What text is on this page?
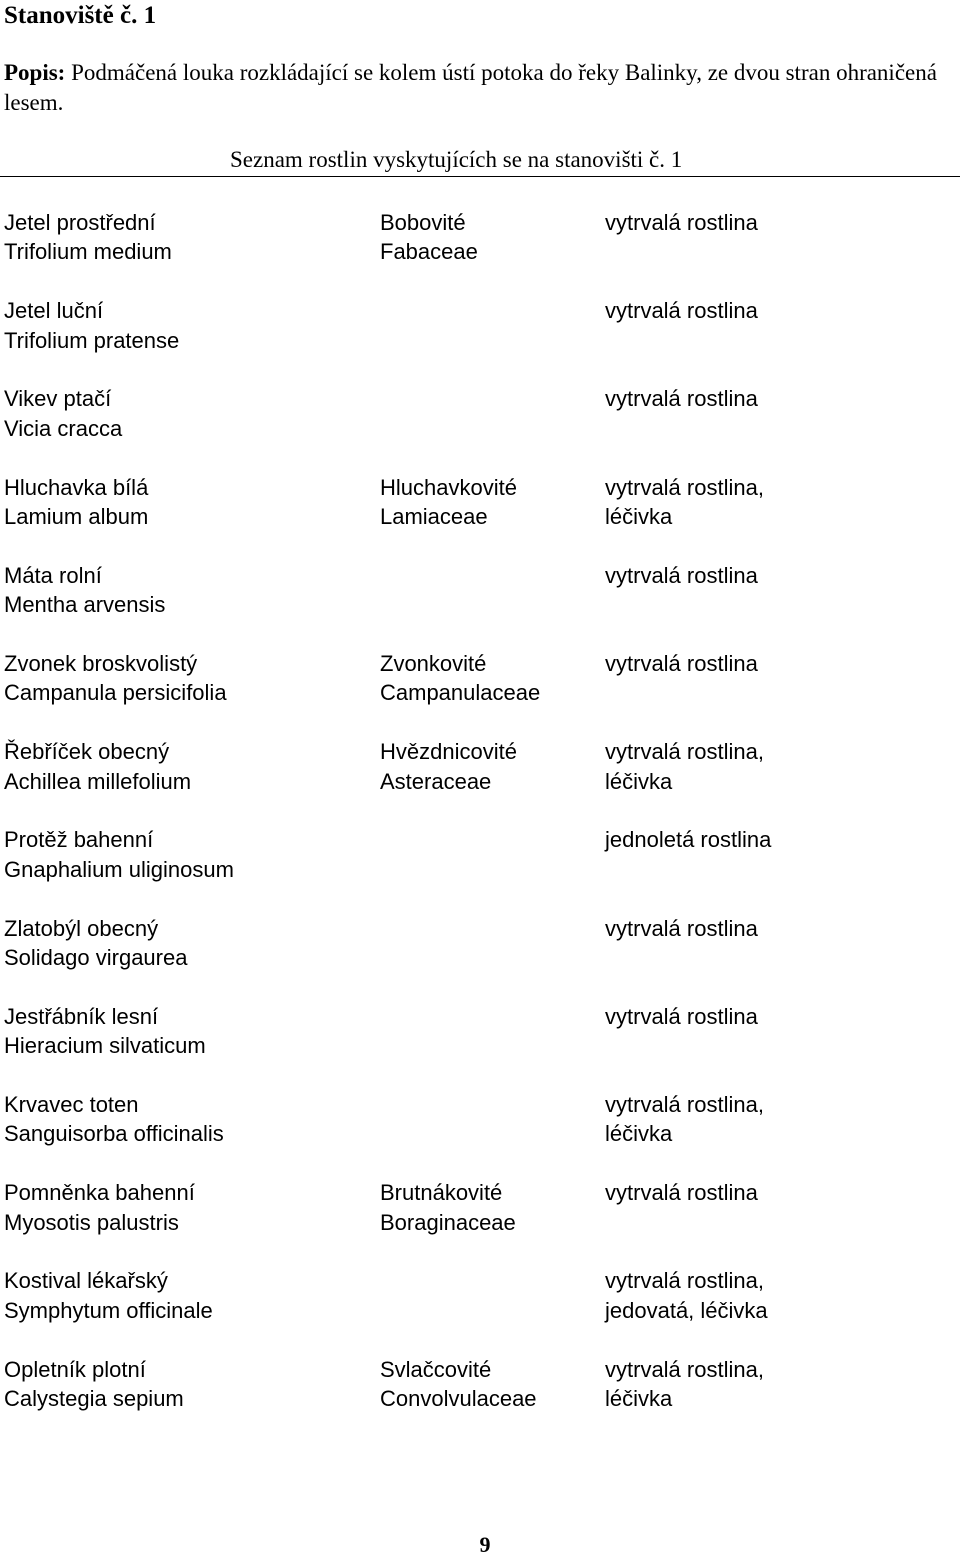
Stanoviště č. 1
Popis: Podmáčená louka rozkládající se kolem ústí potoka do řeky Balinky, ze dvou stran ohraničená lesem.
Seznam rostlin vyskytujících se na stanovišti č. 1
Jetel prostřední
Trifolium medium
Bobovité
Fabaceae
vytrvalá rostlina
Jetel luční
Trifolium pratense
vytrvalá rostlina
Vikev ptačí
Vicia cracca
vytrvalá rostlina
Hluchavka bílá
Lamium album
Hluchavkovité
Lamiaceae
vytrvalá rostlina,
léčivka
Máta rolní
Mentha arvensis
vytrvalá rostlina
Zvonek broskvolistý
Campanula persicifolia
Zvonkovité
Campanulaceae
vytrvalá rostlina
Řebříček obecný
Achillea millefolium
Hvězdnicovité
Asteraceae
vytrvalá rostlina,
léčivka
Protěž bahenní
Gnaphalium uliginosum
jednoletá rostlina
Zlatobýl obecný
Solidago virgaurea
vytrvalá rostlina
Jestřábník lesní
Hieracium silvaticum
vytrvalá rostlina
Krvavec toten
Sanguisorba officinalis
vytrvalá rostlina,
léčivka
Pomněnka bahenní
Myosotis palustris
Brutnákovité
Boraginaceae
vytrvalá rostlina
Kostival lékařský
Symphytum officinale
vytrvalá rostlina,
jedovatá, léčivka
Opletník plotní
Calystegia sepium
Svlačcovité
Convolvulaceae
vytrvalá rostlina,
léčivka
9
